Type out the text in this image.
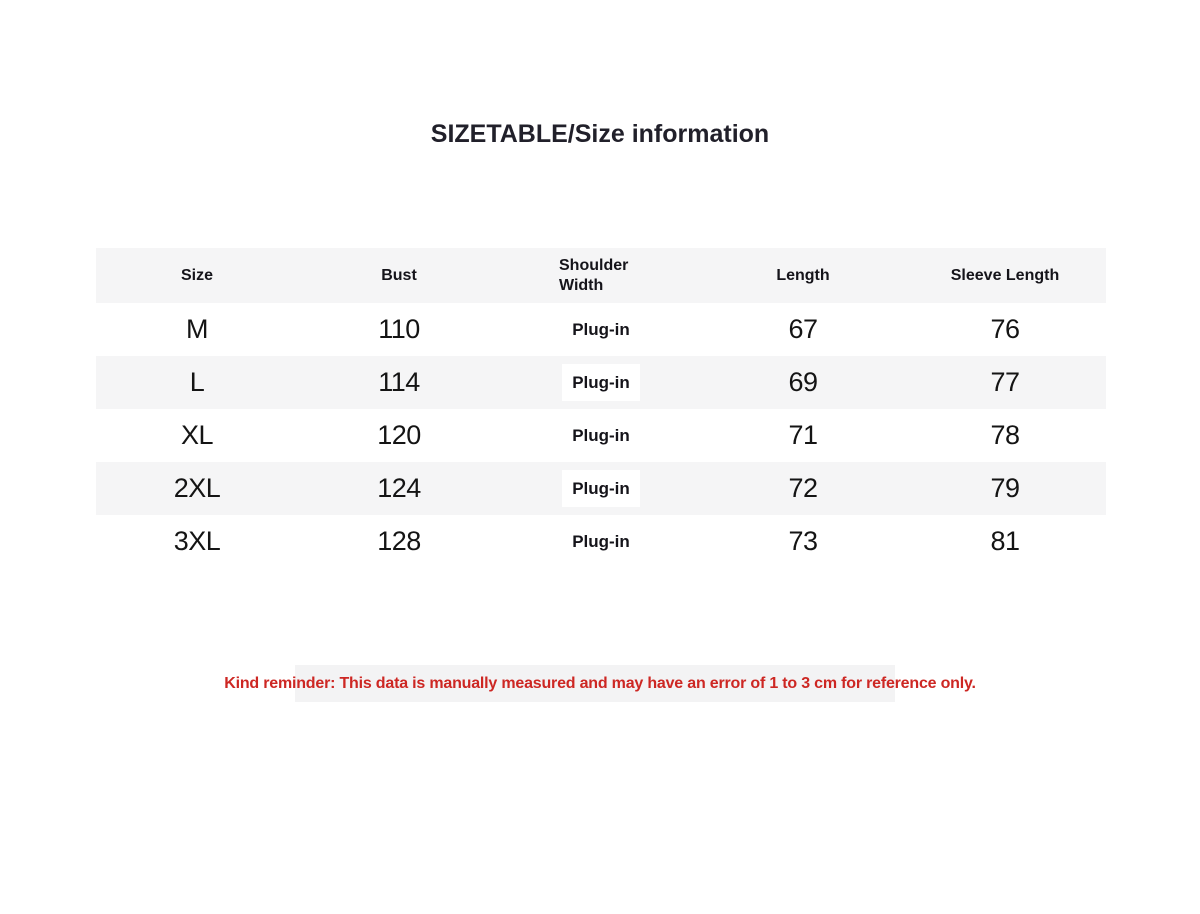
SIZETABLE/Size information
Size	Bust	Shoulder Width	Length	Sleeve Length
M	110	Plug-in	67	76
L	114	Plug-in	69	77
XL	120	Plug-in	71	78
2XL	124	Plug-in	72	79
3XL	128	Plug-in	73	81
Kind reminder: This data is manually measured and may have an error of 1 to 3 cm for reference only.
